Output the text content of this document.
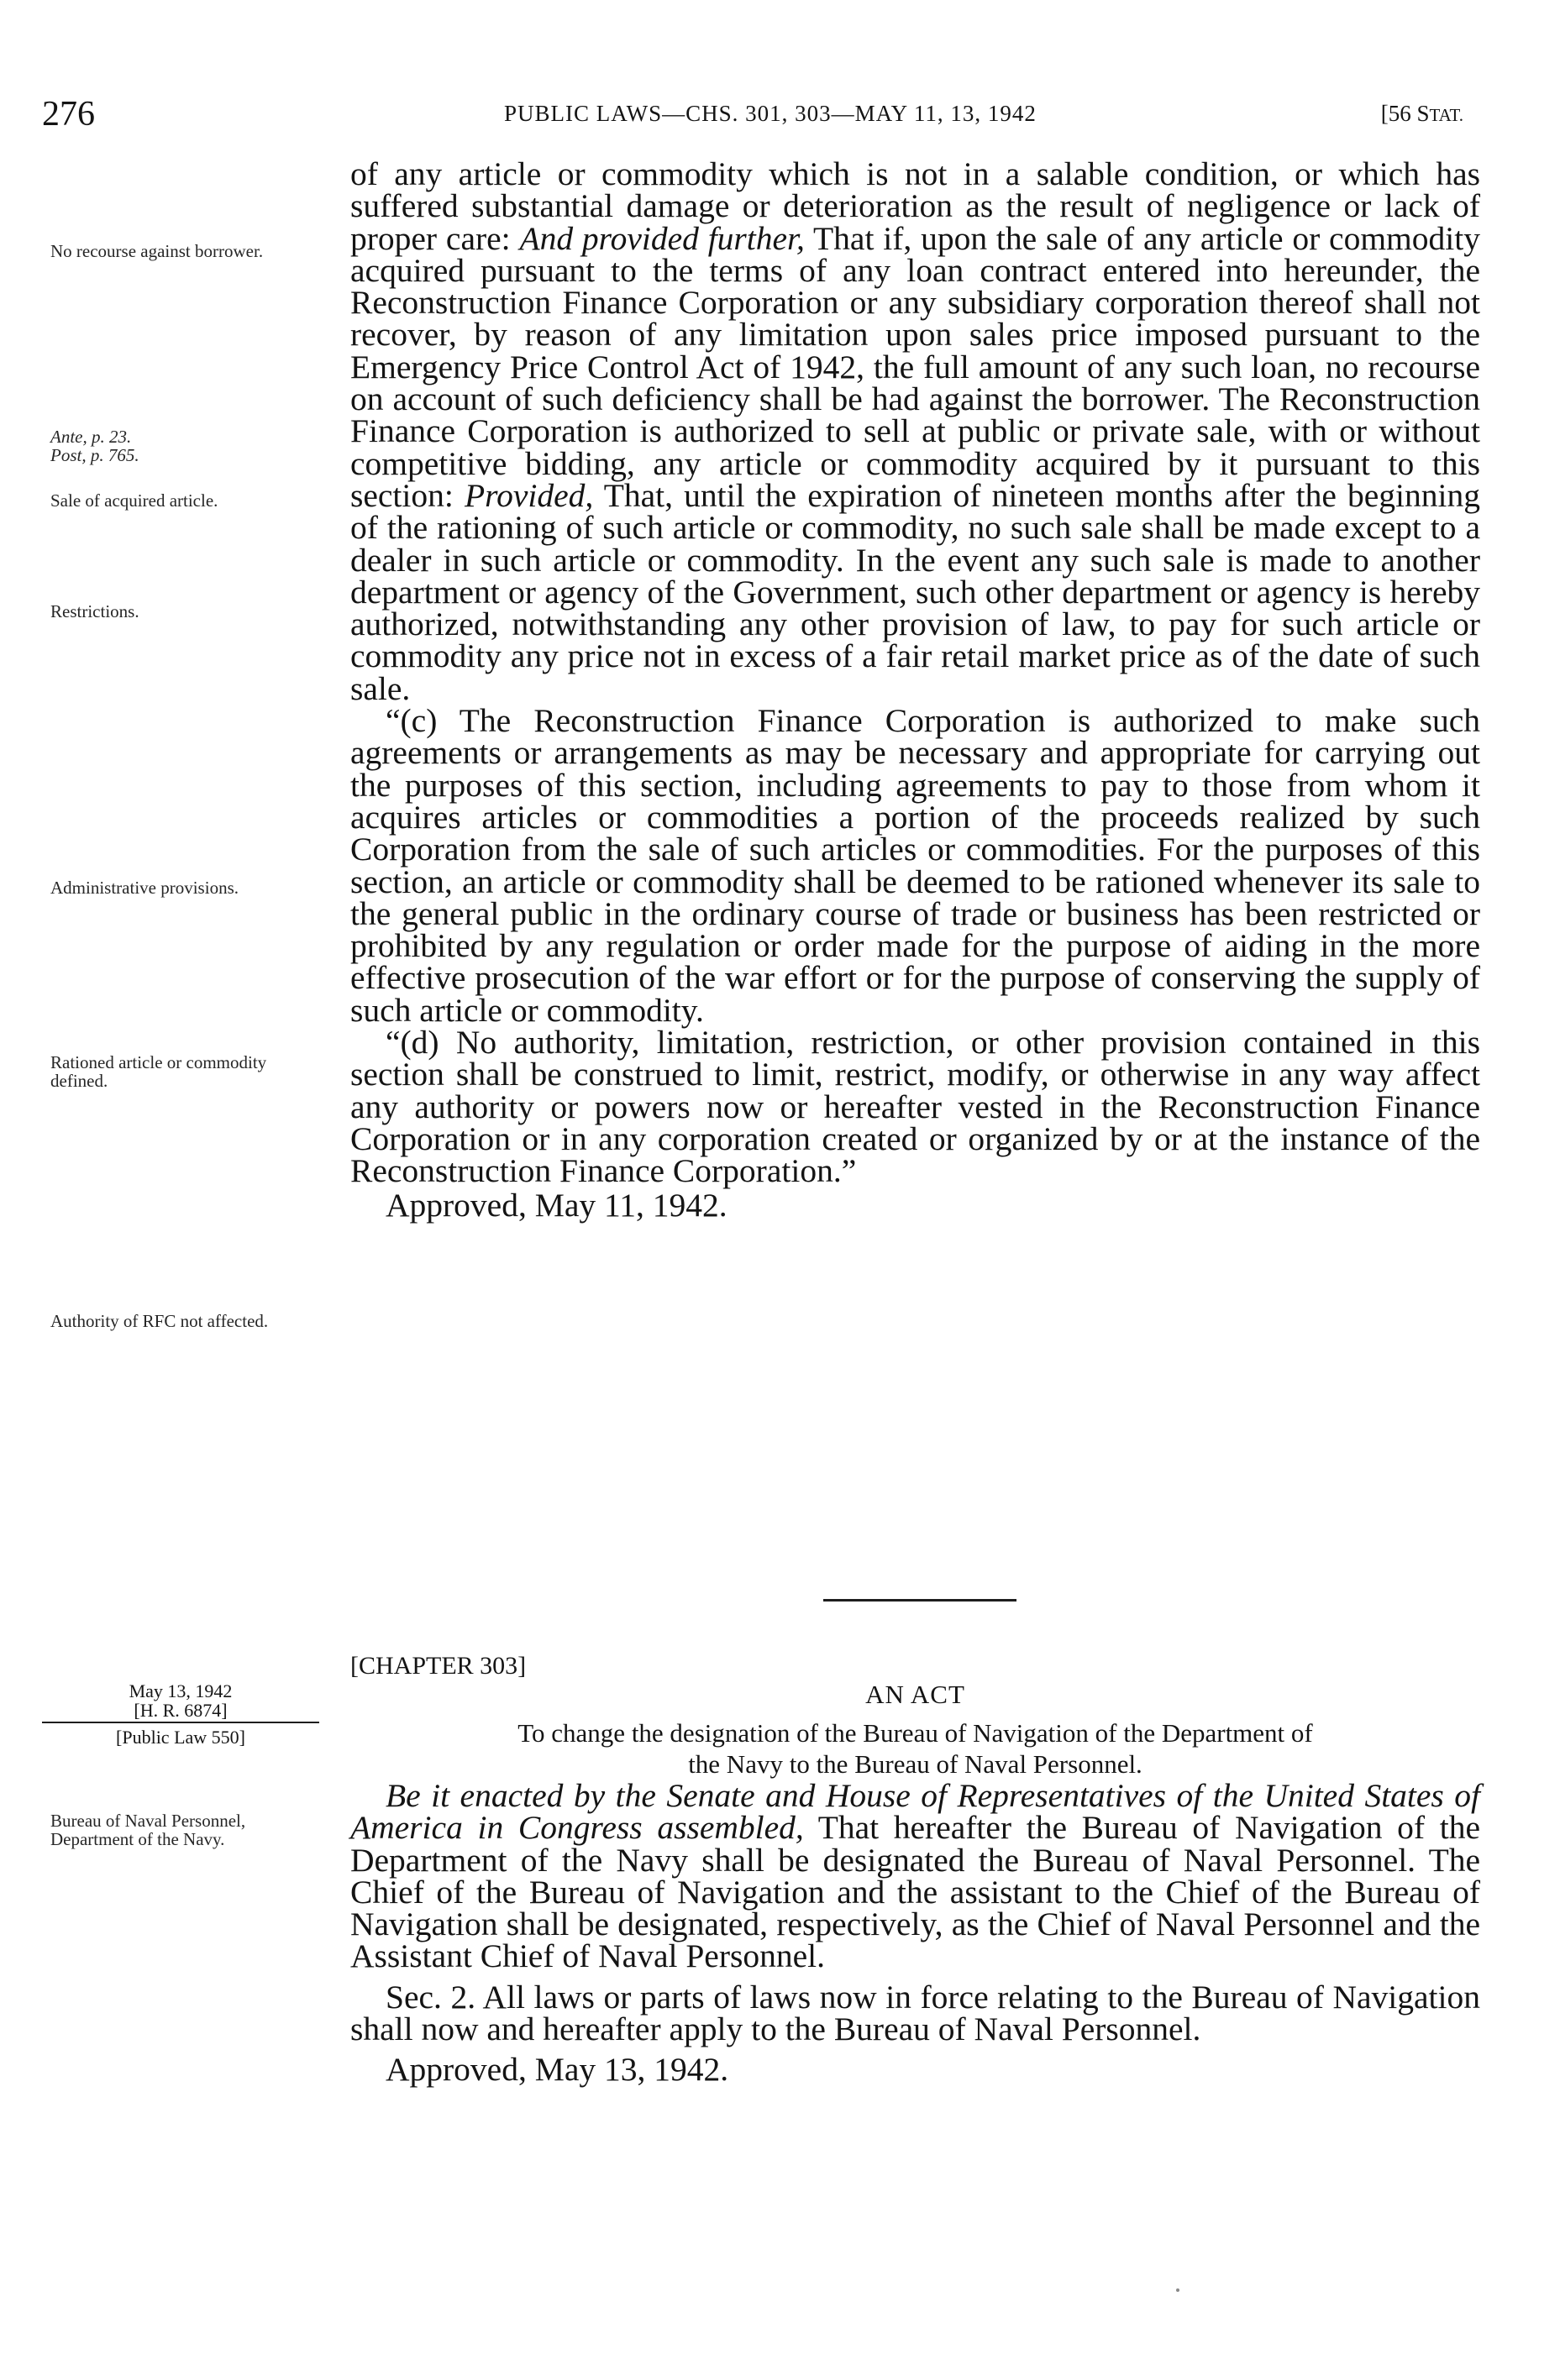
276	PUBLIC LAWS—CHS. 301, 303—MAY 11, 13, 1942	[56 STAT.

of any article or commodity which is not in a salable condition, or which has suffered substantial damage or deterioration as the result of negligence or lack of proper care: And provided further, That if, upon the sale of any article or commodity acquired pursuant to the terms of any loan contract entered into hereunder, the Reconstruction Finance Corporation or any subsidiary corporation thereof shall not recover, by reason of any limitation upon sales price imposed pursuant to the Emergency Price Control Act of 1942, the full amount of any such loan, no recourse on account of such deficiency shall be had against the borrower. The Reconstruction Finance Corporation is authorized to sell at public or private sale, with or without competitive bidding, any article or commodity acquired by it pursuant to this section: Provided, That, until the expiration of nineteen months after the beginning of the rationing of such article or commodity, no such sale shall be made except to a dealer in such article or commodity. In the event any such sale is made to another department or agency of the Government, such other department or agency is hereby authorized, notwithstanding any other provision of law, to pay for such article or commodity any price not in excess of a fair retail market price as of the date of such sale.

“(c) The Reconstruction Finance Corporation is authorized to make such agreements or arrangements as may be necessary and appropriate for carrying out the purposes of this section, including agreements to pay to those from whom it acquires articles or commodities a portion of the proceeds realized by such Corporation from the sale of such articles or commodities. For the purposes of this section, an article or commodity shall be deemed to be rationed whenever its sale to the general public in the ordinary course of trade or business has been restricted or prohibited by any regulation or order made for the purpose of aiding in the more effective prosecution of the war effort or for the purpose of conserving the supply of such article or commodity.

“(d) No authority, limitation, restriction, or other provision contained in this section shall be construed to limit, restrict, modify, or otherwise in any way affect any authority or powers now or hereafter vested in the Reconstruction Finance Corporation or in any corporation created or organized by or at the instance of the Reconstruction Finance Corporation.”

Approved, May 11, 1942.

No recourse against borrower.
Ante, p. 23.
Post, p. 765.
Sale of acquired article.
Restrictions.
Administrative provisions.
Rationed article or commodity defined.
Authority of RFC not affected.
Bureau of Naval Personnel, Department of the Navy.
[CHAPTER 303]
AN ACT
To change the designation of the Bureau of Navigation of the Department of
the Navy to the Bureau of Naval Personnel.
May 13, 1942
[H. R. 6874]
[Public Law 550]

Be it enacted by the Senate and House of Representatives of the United States of America in Congress assembled, That hereafter the Bureau of Navigation of the Department of the Navy shall be designated the Bureau of Naval Personnel. The Chief of the Bureau of Navigation and the assistant to the Chief of the Bureau of Navigation shall be designated, respectively, as the Chief of Naval Personnel and the Assistant Chief of Naval Personnel.

Sec. 2. All laws or parts of laws now in force relating to the Bureau of Navigation shall now and hereafter apply to the Bureau of Naval Personnel.

Approved, May 13, 1942.
